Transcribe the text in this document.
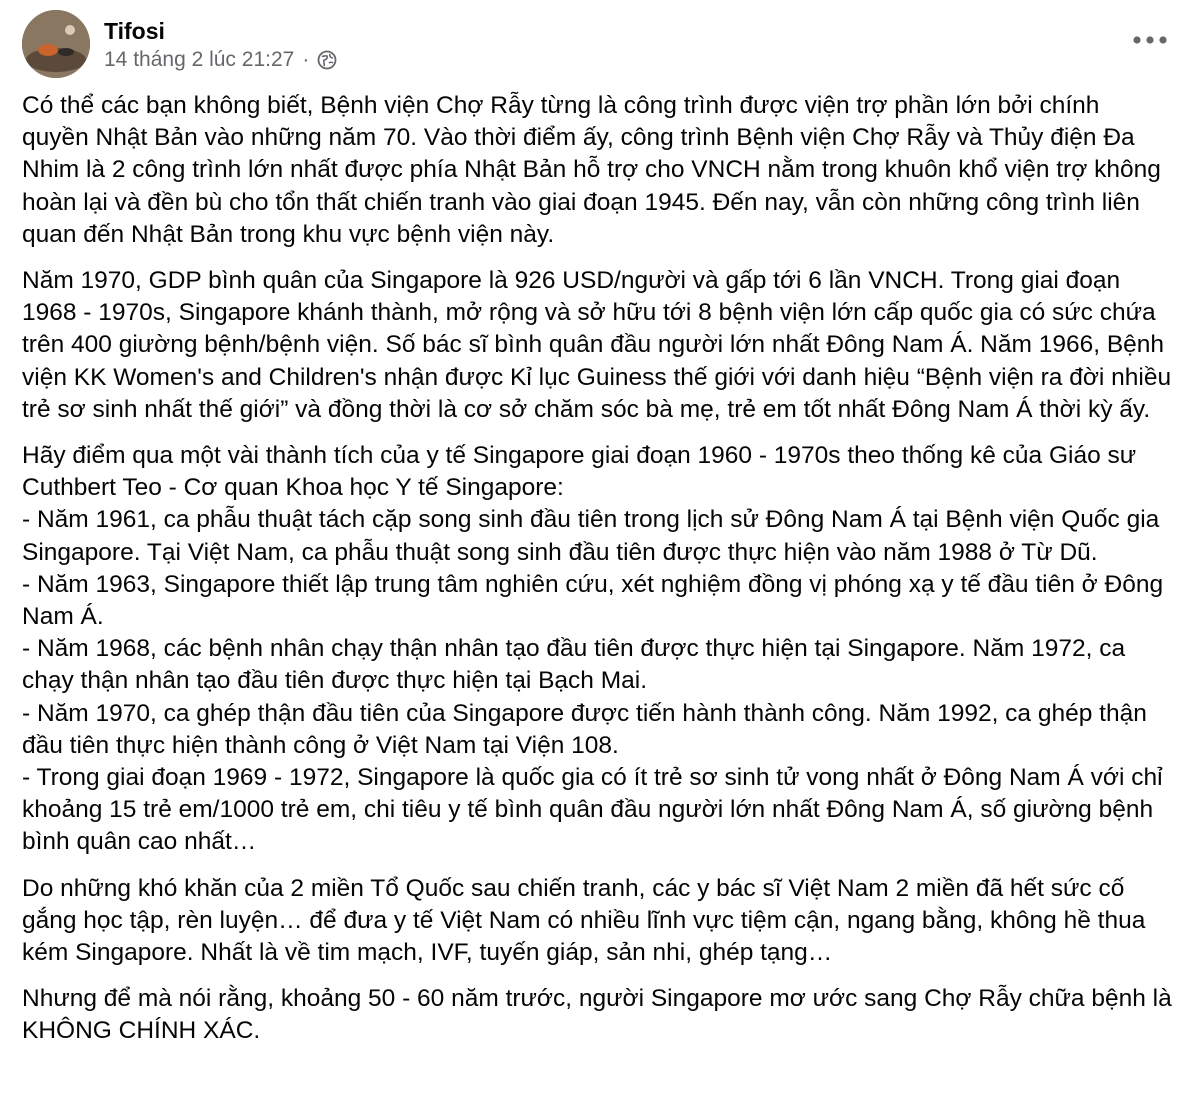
Tifosi
14 tháng 2 lúc 21:27 ·

Có thể các bạn không biết, Bệnh viện Chợ Rẫy từng là công trình được viện trợ phần lớn bởi chính quyền Nhật Bản vào những năm 70. Vào thời điểm ấy, công trình Bệnh viện Chợ Rẫy và Thủy điện Đa Nhim là 2 công trình lớn nhất được phía Nhật Bản hỗ trợ cho VNCH nằm trong khuôn khổ viện trợ không hoàn lại và đền bù cho tổn thất chiến tranh vào giai đoạn 1945. Đến nay, vẫn còn những công trình liên quan đến Nhật Bản trong khu vực bệnh viện này.

Năm 1970, GDP bình quân của Singapore là 926 USD/người và gấp tới 6 lần VNCH. Trong giai đoạn 1968 - 1970s, Singapore khánh thành, mở rộng và sở hữu tới 8 bệnh viện lớn cấp quốc gia có sức chứa trên 400 giường bệnh/bệnh viện. Số bác sĩ bình quân đầu người lớn nhất Đông Nam Á. Năm 1966, Bệnh viện KK Women's and Children's nhận được Kỉ lục Guiness thế giới với danh hiệu “Bệnh viện ra đời nhiều trẻ sơ sinh nhất thế giới” và đồng thời là cơ sở chăm sóc bà mẹ, trẻ em tốt nhất Đông Nam Á thời kỳ ấy.

Hãy điểm qua một vài thành tích của y tế Singapore giai đoạn 1960 - 1970s theo thống kê của Giáo sư Cuthbert Teo - Cơ quan Khoa học Y tế Singapore:
- Năm 1961, ca phẫu thuật tách cặp song sinh đầu tiên trong lịch sử Đông Nam Á tại Bệnh viện Quốc gia Singapore. Tại Việt Nam, ca phẫu thuật song sinh đầu tiên được thực hiện vào năm 1988 ở Từ Dũ.
- Năm 1963, Singapore thiết lập trung tâm nghiên cứu, xét nghiệm đồng vị phóng xạ y tế đầu tiên ở Đông Nam Á.
- Năm 1968, các bệnh nhân chạy thận nhân tạo đầu tiên được thực hiện tại Singapore. Năm 1972, ca chạy thận nhân tạo đầu tiên được thực hiện tại Bạch Mai.
- Năm 1970, ca ghép thận đầu tiên của Singapore được tiến hành thành công. Năm 1992, ca ghép thận đầu tiên thực hiện thành công ở Việt Nam tại Viện 108.
- Trong giai đoạn 1969 - 1972, Singapore là quốc gia có ít trẻ sơ sinh tử vong nhất ở Đông Nam Á với chỉ khoảng 15 trẻ em/1000 trẻ em, chi tiêu y tế bình quân đầu người lớn nhất Đông Nam Á, số giường bệnh bình quân cao nhất…

Do những khó khăn của 2 miền Tổ Quốc sau chiến tranh, các y bác sĩ Việt Nam 2 miền đã hết sức cố gắng học tập, rèn luyện… để đưa y tế Việt Nam có nhiều lĩnh vực tiệm cận, ngang bằng, không hề thua kém Singapore. Nhất là về tim mạch, IVF, tuyến giáp, sản nhi, ghép tạng…

Nhưng để mà nói rằng, khoảng 50 - 60 năm trước, người Singapore mơ ước sang Chợ Rẫy chữa bệnh là KHÔNG CHÍNH XÁC.
